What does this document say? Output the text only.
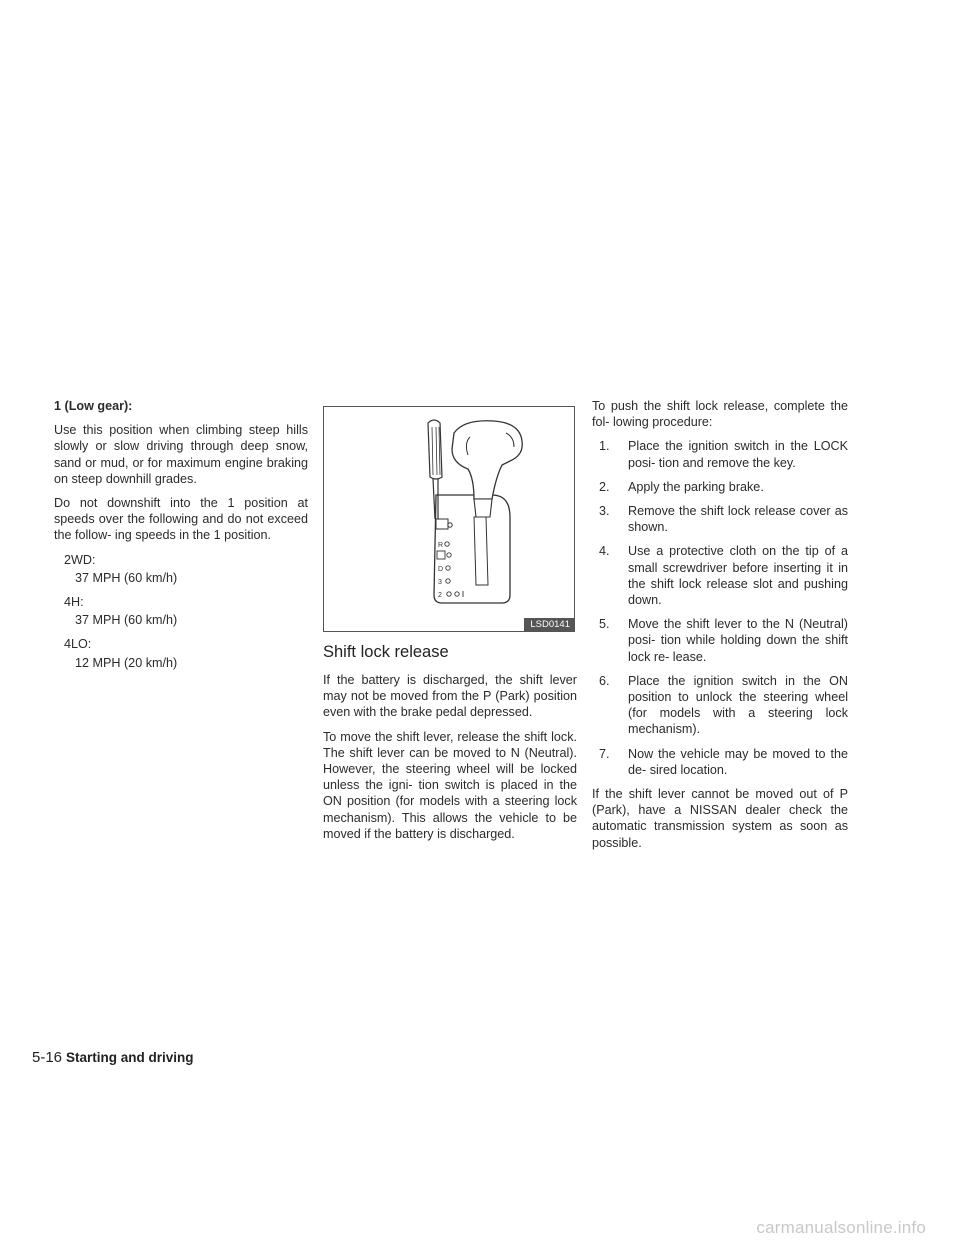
1 (Low gear):

Use this position when climbing steep hills slowly or slow driving through deep snow, sand or mud, or for maximum engine braking on steep downhill grades.

Do not downshift into the 1 position at speeds over the following and do not exceed the follow- ing speeds in the 1 position.

2WD:

37 MPH (60 km/h)

4H:

37 MPH (60 km/h)

4LO:

12 MPH (20 km/h)

R
D
3
2
LSD0141
Shift lock release

If the battery is discharged, the shift lever may not be moved from the P (Park) position even with the brake pedal depressed.

To move the shift lever, release the shift lock. The shift lever can be moved to N (Neutral). However, the steering wheel will be locked unless the igni- tion switch is placed in the ON position (for models with a steering lock mechanism). This allows the vehicle to be moved if the battery is discharged.

To push the shift lock release, complete the fol- lowing procedure:

1. Place the ignition switch in the LOCK posi- tion and remove the key.
2. Apply the parking brake.
3. Remove the shift lock release cover as shown.
4. Use a protective cloth on the tip of a small screwdriver before inserting it in the shift lock release slot and pushing down.
5. Move the shift lever to the N (Neutral) posi- tion while holding down the shift lock re- lease.
6. Place the ignition switch in the ON position to unlock the steering wheel (for models with a steering lock mechanism).
7. Now the vehicle may be moved to the de- sired location.

If the shift lever cannot be moved out of P (Park), have a NISSAN dealer check the automatic transmission system as soon as possible.

5-16 Starting and driving
carmanualsonline.info
